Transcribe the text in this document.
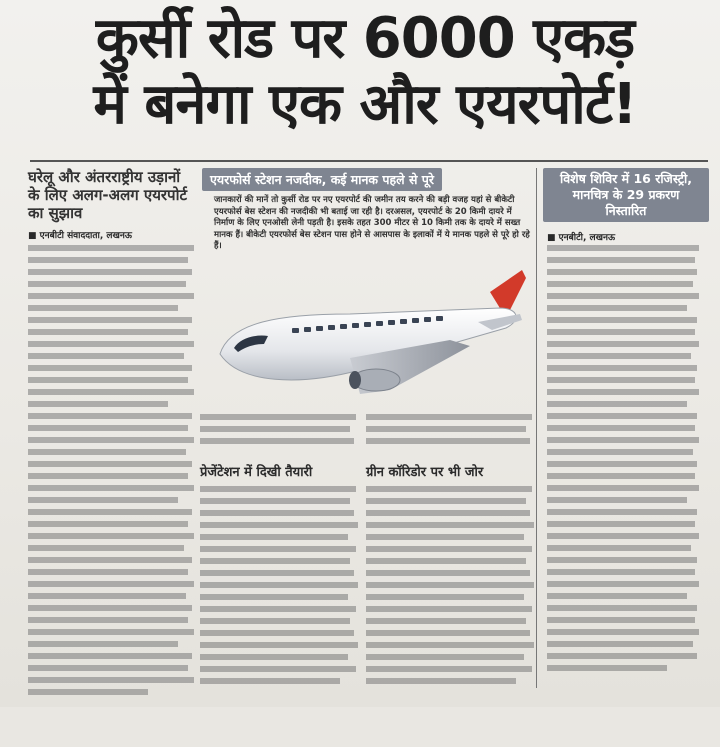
कुर्सी रोड पर 6000 एकड़
में बनेगा एक और एयरपोर्ट!
घरेलू और अंतरराष्ट्रीय उड़ानों के लिए अलग-अलग एयरपोर्ट का सुझाव
■ एनबीटी संवाददाता, लखनऊ
एयरफोर्स स्टेशन नजदीक, कई मानक पहले से पूरे
जानकारों की मानें तो कुर्सी रोड पर नए एयरपोर्ट की जमीन तय करने की बड़ी वजह यहां से बीकेटी एयरफोर्स बेस स्टेशन की नजदीकी भी बताई जा रही है। दरअसल, एयरपोर्ट के 20 किमी दायरे में निर्माण के लिए एनओसी लेनी पड़ती है। इसके तहत 300 मीटर से 10 किमी तक के दायरे में सख्त मानक हैं। बीकेटी एयरफोर्स बेस स्टेशन पास होने से आसपास के इलाकों में ये मानक पहले से पूरे हो रहे हैं।
प्रेजेंटेशन में दिखी तैयारी	ग्रीन कॉरिडोर पर भी जोर
विशेष शिविर में 16 रजिस्ट्री, मानचित्र के 29 प्रकरण निस्तारित
■ एनबीटी, लखनऊ
